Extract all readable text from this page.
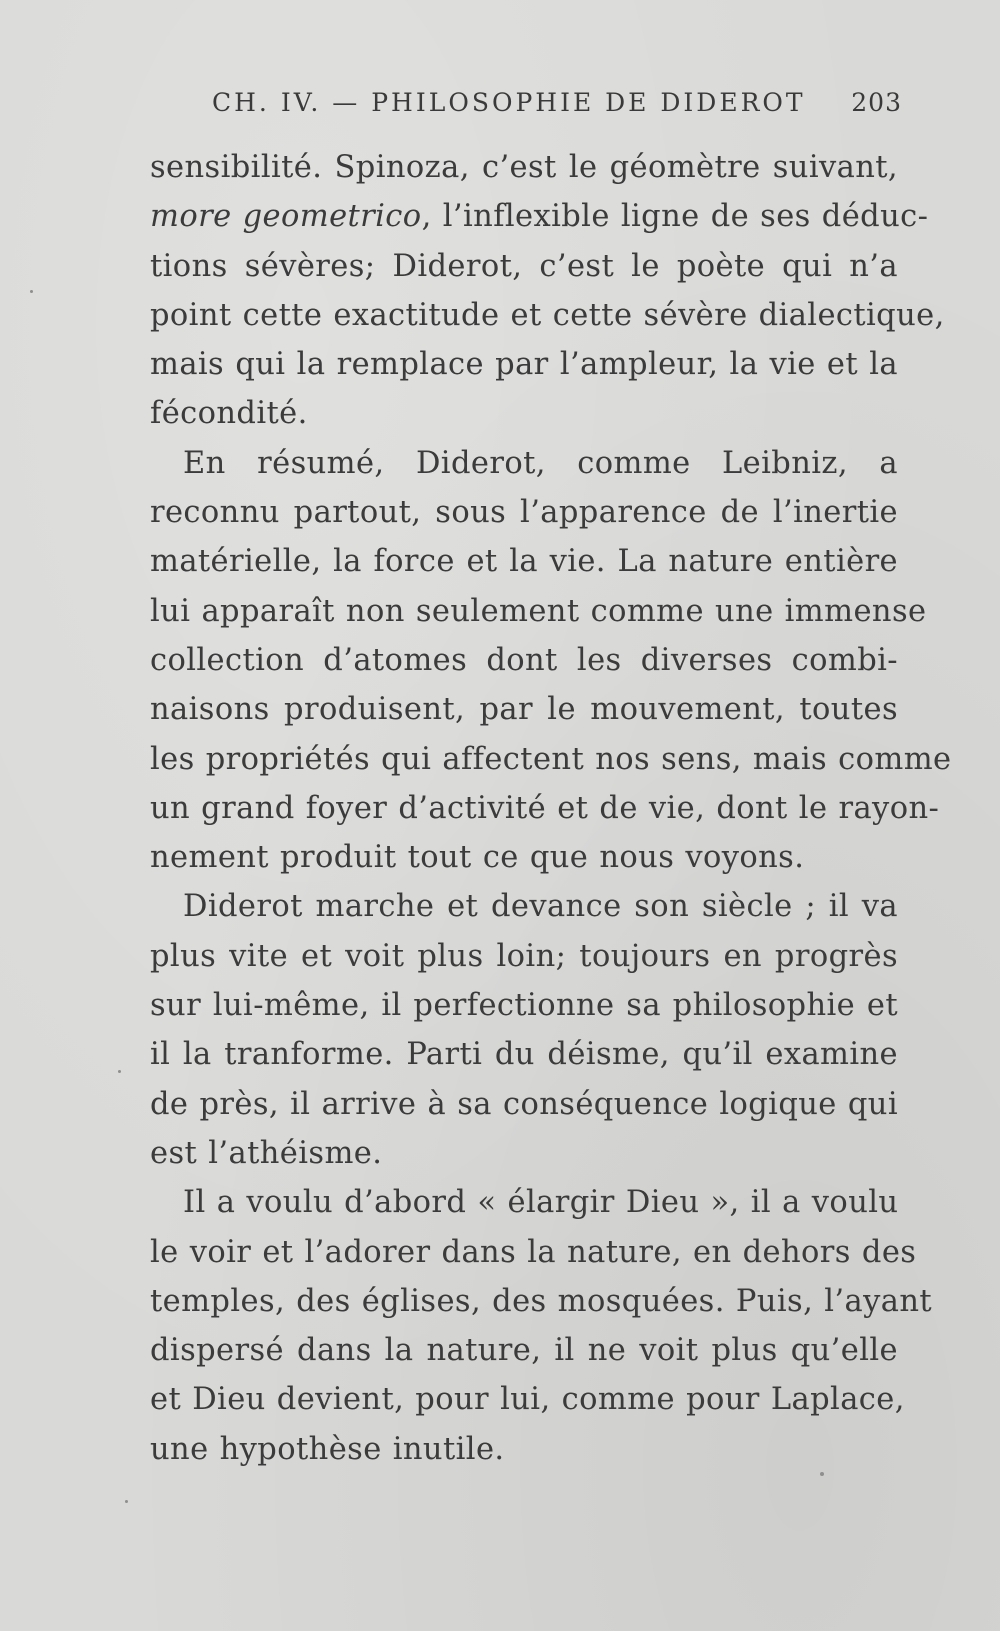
CH. IV. — PHILOSOPHIE DE DIDEROT 203

sensibilité. Spinoza, c’est le géomètre suivant,
more geometrico, l’inflexible ligne de ses déduc-
tions sévères; Diderot, c’est le poète qui n’a
point cette exactitude et cette sévère dialectique,
mais qui la remplace par l’ampleur, la vie et la
fécondité.

En résumé, Diderot, comme Leibniz, a
reconnu partout, sous l’apparence de l’inertie
matérielle, la force et la vie. La nature entière
lui apparaît non seulement comme une immense
collection d’atomes dont les diverses combi-
naisons produisent, par le mouvement, toutes
les propriétés qui affectent nos sens, mais comme
un grand foyer d’activité et de vie, dont le rayon-
nement produit tout ce que nous voyons.

Diderot marche et devance son siècle ; il va
plus vite et voit plus loin; toujours en progrès
sur lui-même, il perfectionne sa philosophie et
il la tranforme. Parti du déisme, qu’il examine
de près, il arrive à sa conséquence logique qui
est l’athéisme.

Il a voulu d’abord « élargir Dieu », il a voulu
le voir et l’adorer dans la nature, en dehors des
temples, des églises, des mosquées. Puis, l’ayant
dispersé dans la nature, il ne voit plus qu’elle
et Dieu devient, pour lui, comme pour Laplace,
une hypothèse inutile.
